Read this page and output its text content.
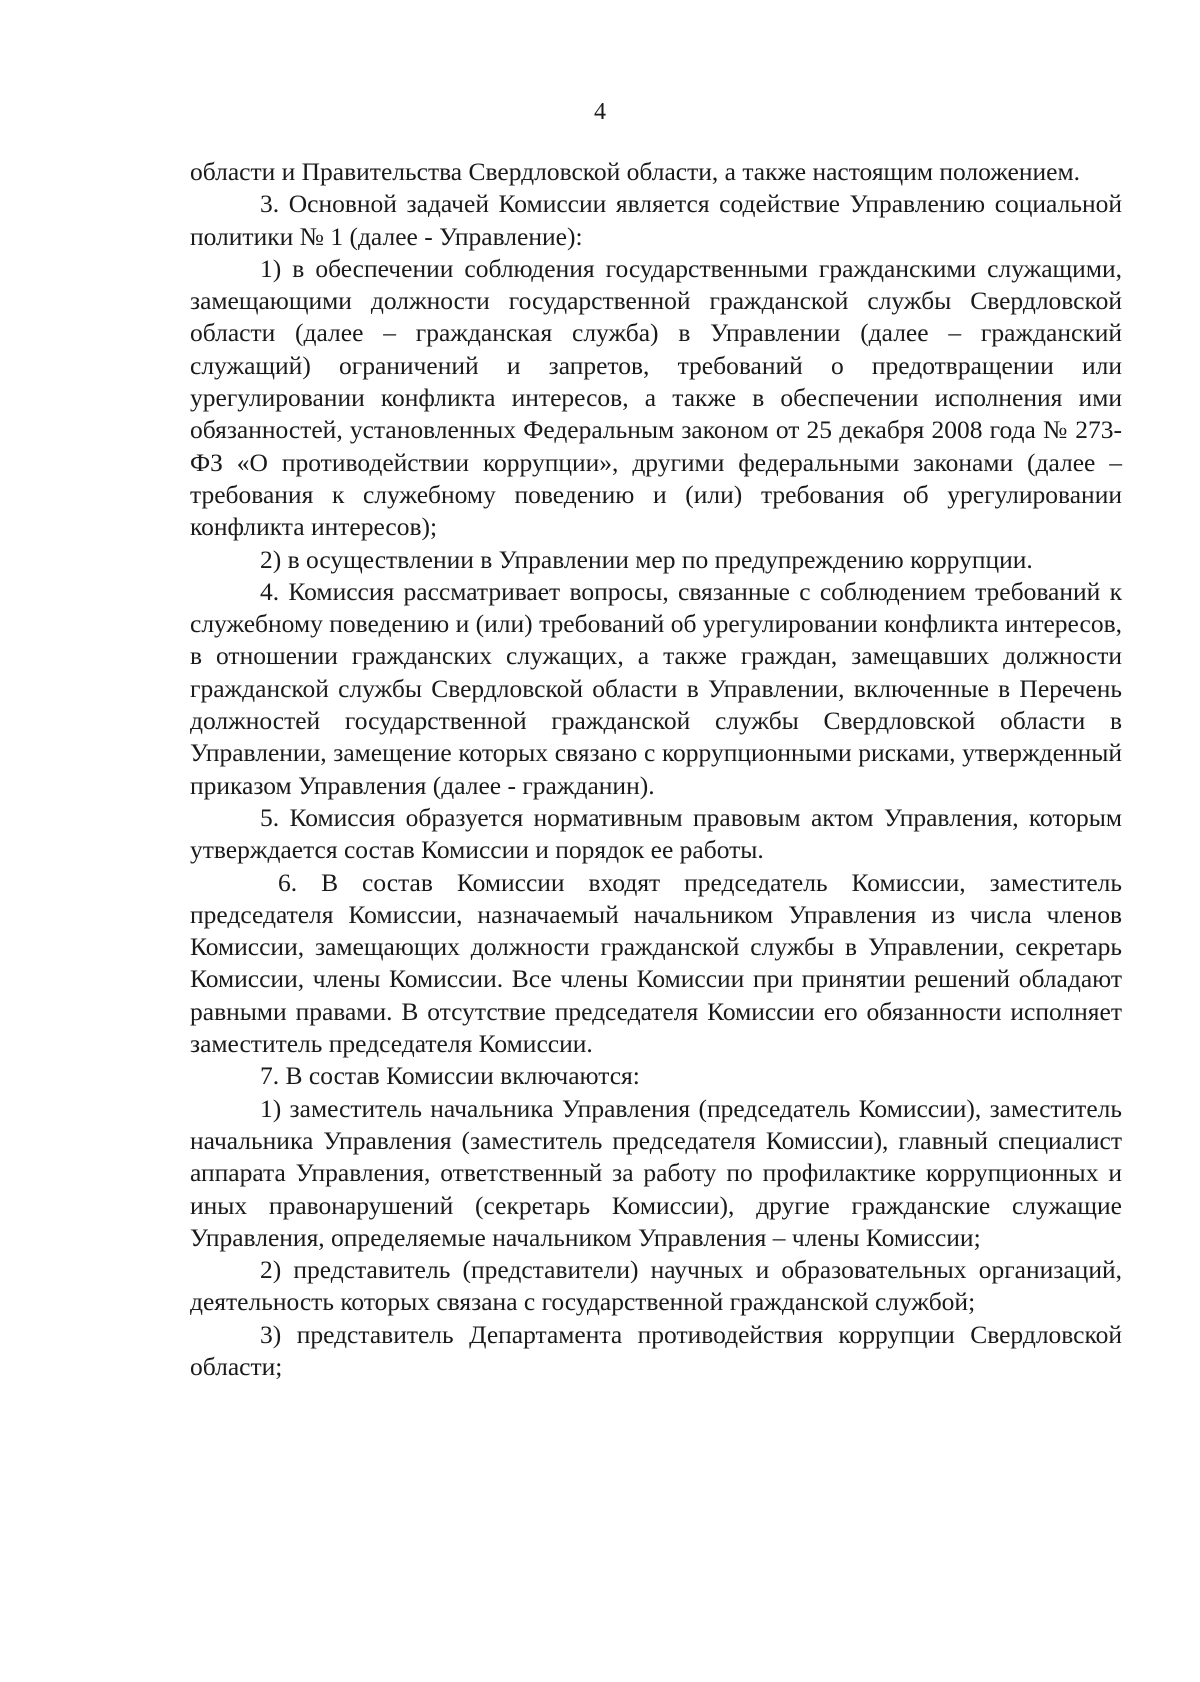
4

области и Правительства Свердловской области, а также настоящим положением.

3. Основной задачей Комиссии является содействие Управлению социальной политики № 1 (далее - Управление):

1) в обеспечении соблюдения государственными гражданскими служащими, замещающими должности государственной гражданской службы Свердловской области (далее – гражданская служба) в Управлении (далее – гражданский служащий) ограничений и запретов, требований о предотвращении или урегулировании конфликта интересов, а также в обеспечении исполнения ими обязанностей, установленных Федеральным законом от 25 декабря 2008 года № 273-ФЗ «О противодействии коррупции», другими федеральными законами (далее – требования к служебному поведению и (или) требования об урегулировании конфликта интересов);

2) в осуществлении в Управлении мер по предупреждению коррупции.

4. Комиссия рассматривает вопросы, связанные с соблюдением требований к служебному поведению и (или) требований об урегулировании конфликта интересов, в отношении гражданских служащих, а также граждан, замещавших должности гражданской службы Свердловской области в Управлении, включенные в Перечень должностей государственной гражданской службы Свердловской области в Управлении, замещение которых связано с коррупционными рисками, утвержденный приказом Управления (далее - гражданин).

5. Комиссия образуется нормативным правовым актом Управления, которым утверждается состав Комиссии и порядок ее работы.

6. В состав Комиссии входят председатель Комиссии, заместитель председателя Комиссии, назначаемый начальником Управления из числа членов Комиссии, замещающих должности гражданской службы в Управлении, секретарь Комиссии, члены Комиссии. Все члены Комиссии при принятии решений обладают равными правами. В отсутствие председателя Комиссии его обязанности исполняет заместитель председателя Комиссии.

7. В состав Комиссии включаются:

1) заместитель начальника Управления (председатель Комиссии), заместитель начальника Управления (заместитель председателя Комиссии), главный специалист аппарата Управления, ответственный за работу по профилактике коррупционных и иных правонарушений (секретарь Комиссии), другие гражданские служащие Управления, определяемые начальником Управления – члены Комиссии;

2) представитель (представители) научных и образовательных организаций, деятельность которых связана с государственной гражданской службой;

3) представитель Департамента противодействия коррупции Свердловской области;
